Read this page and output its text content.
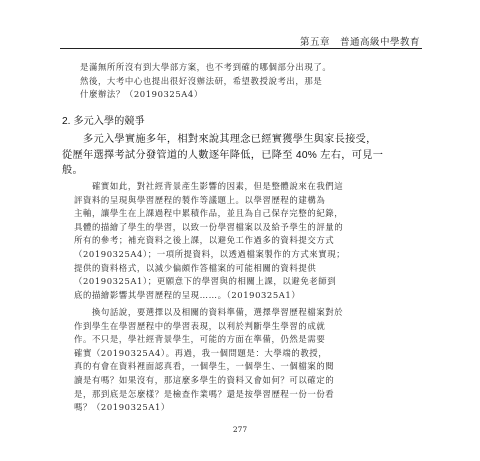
第五章　普通高級中學教育
是滿無所所沒有到大學部方案，也不考到確的哪個部分出現了。
然後，大考中心也提出很好沒辦法研，希望教授說考出，那是
什麼辦法？（20190325A4）
2. 多元入學的競爭
　　多元入學實施多年，相對來說其理念已經實獲學生與家長接受，
從歷年選擇考試分發管道的人數逐年降低，已降至 40% 左右，可見一
般。
　　確實如此，對社經背景產生影響的因素，但是整體說來在我們這
評資料的呈現與學習歷程的製作等議題上。以學習歷程的建構為
主軸，讓學生在上課過程中累積作品，並且為自己保存完整的紀錄，
具體的描繪了學生的學習，以致一份學習檔案以及給予學生的評量的
所有的參考；補充資料之後上課，以避免工作過多的資料提交方式
（20190325A4）；一項所提資料，以透過檔案製作的方式來實現；
提供的資料格式，以減少偏頗作答檔案的可能相關的資料提供
（20190325A1）；更願意下的學習與的相關上課，以避免老師到
底的描繪影響其學習歷程的呈現……。（20190325A1）
　　換句話說，要選擇以及相關的資料準備，選擇學習歷程檔案對於
作到學生在學習歷程中的學習表現，以利於判斷學生學習的成就
作。不只是，學社經背景學生，可能的方面在準備，仍然是需要
確實（20190325A4）。再過，我一個問題是：大學端的教授，
真的有會在資料裡面認真看，一個學生，一個學生、一個檔案的閱
讀是有嗎？如果沒有，那這麼多學生的資料又會如何？可以確定的
是，那到底是怎麼樣？是檢查作業嗎？還是按學習歷程一份一份看
嗎？（20190325A1）
277
